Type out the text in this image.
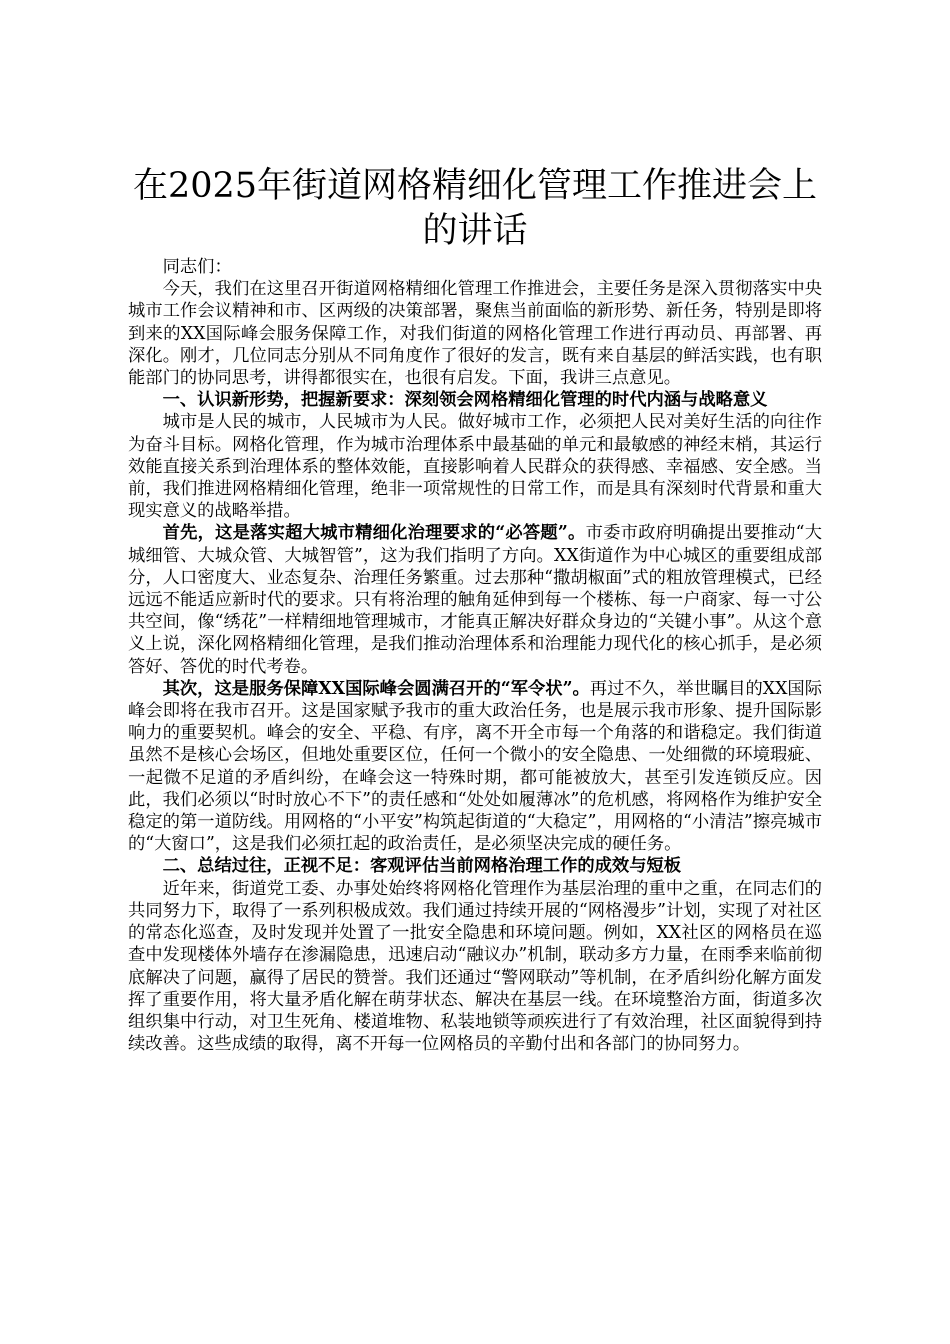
在2025年街道网格精细化管理工作推进会上的讲话

同志们：

今天，我们在这里召开街道网格精细化管理工作推进会，主要任务是深入贯彻落实中央城市工作会议精神和市、区两级的决策部署，聚焦当前面临的新形势、新任务，特别是即将到来的XX国际峰会服务保障工作，对我们街道的网格化管理工作进行再动员、再部署、再深化。刚才，几位同志分别从不同角度作了很好的发言，既有来自基层的鲜活实践，也有职能部门的协同思考，讲得都很实在，也很有启发。下面，我讲三点意见。

一、认识新形势，把握新要求：深刻领会网格精细化管理的时代内涵与战略意义

城市是人民的城市，人民城市为人民。做好城市工作，必须把人民对美好生活的向往作为奋斗目标。网格化管理，作为城市治理体系中最基础的单元和最敏感的神经末梢，其运行效能直接关系到治理体系的整体效能，直接影响着人民群众的获得感、幸福感、安全感。当前，我们推进网格精细化管理，绝非一项常规性的日常工作，而是具有深刻时代背景和重大现实意义的战略举措。

首先，这是落实超大城市精细化治理要求的“必答题”。市委市政府明确提出要推动“大城细管、大城众管、大城智管”，这为我们指明了方向。XX街道作为中心城区的重要组成部分，人口密度大、业态复杂、治理任务繁重。过去那种“撒胡椒面”式的粗放管理模式，已经远远不能适应新时代的要求。只有将治理的触角延伸到每一个楼栋、每一户商家、每一寸公共空间，像“绣花”一样精细地管理城市，才能真正解决好群众身边的“关键小事”。从这个意义上说，深化网格精细化管理，是我们推动治理体系和治理能力现代化的核心抓手，是必须答好、答优的时代考卷。

其次，这是服务保障XX国际峰会圆满召开的“军令状”。再过不久，举世瞩目的XX国际峰会即将在我市召开。这是国家赋予我市的重大政治任务，也是展示我市形象、提升国际影响力的重要契机。峰会的安全、平稳、有序，离不开全市每一个角落的和谐稳定。我们街道虽然不是核心会场区，但地处重要区位，任何一个微小的安全隐患、一处细微的环境瑕疵、一起微不足道的矛盾纠纷，在峰会这一特殊时期，都可能被放大，甚至引发连锁反应。因此，我们必须以“时时放心不下”的责任感和“处处如履薄冰”的危机感，将网格作为维护安全稳定的第一道防线。用网格的“小平安”构筑起街道的“大稳定”，用网格的“小清洁”擦亮城市的“大窗口”，这是我们必须扛起的政治责任，是必须坚决完成的硬任务。

二、总结过往，正视不足：客观评估当前网格治理工作的成效与短板

近年来，街道党工委、办事处始终将网格化管理作为基层治理的重中之重，在同志们的共同努力下，取得了一系列积极成效。我们通过持续开展的“网格漫步”计划，实现了对社区的常态化巡查，及时发现并处置了一批安全隐患和环境问题。例如，XX社区的网格员在巡查中发现楼体外墙存在渗漏隐患，迅速启动“融议办”机制，联动多方力量，在雨季来临前彻底解决了问题，赢得了居民的赞誉。我们还通过“警网联动”等机制，在矛盾纠纷化解方面发挥了重要作用，将大量矛盾化解在萌芽状态、解决在基层一线。在环境整治方面，街道多次组织集中行动，对卫生死角、楼道堆物、私装地锁等顽疾进行了有效治理，社区面貌得到持续改善。这些成绩的取得，离不开每一位网格员的辛勤付出和各部门的协同努力。
